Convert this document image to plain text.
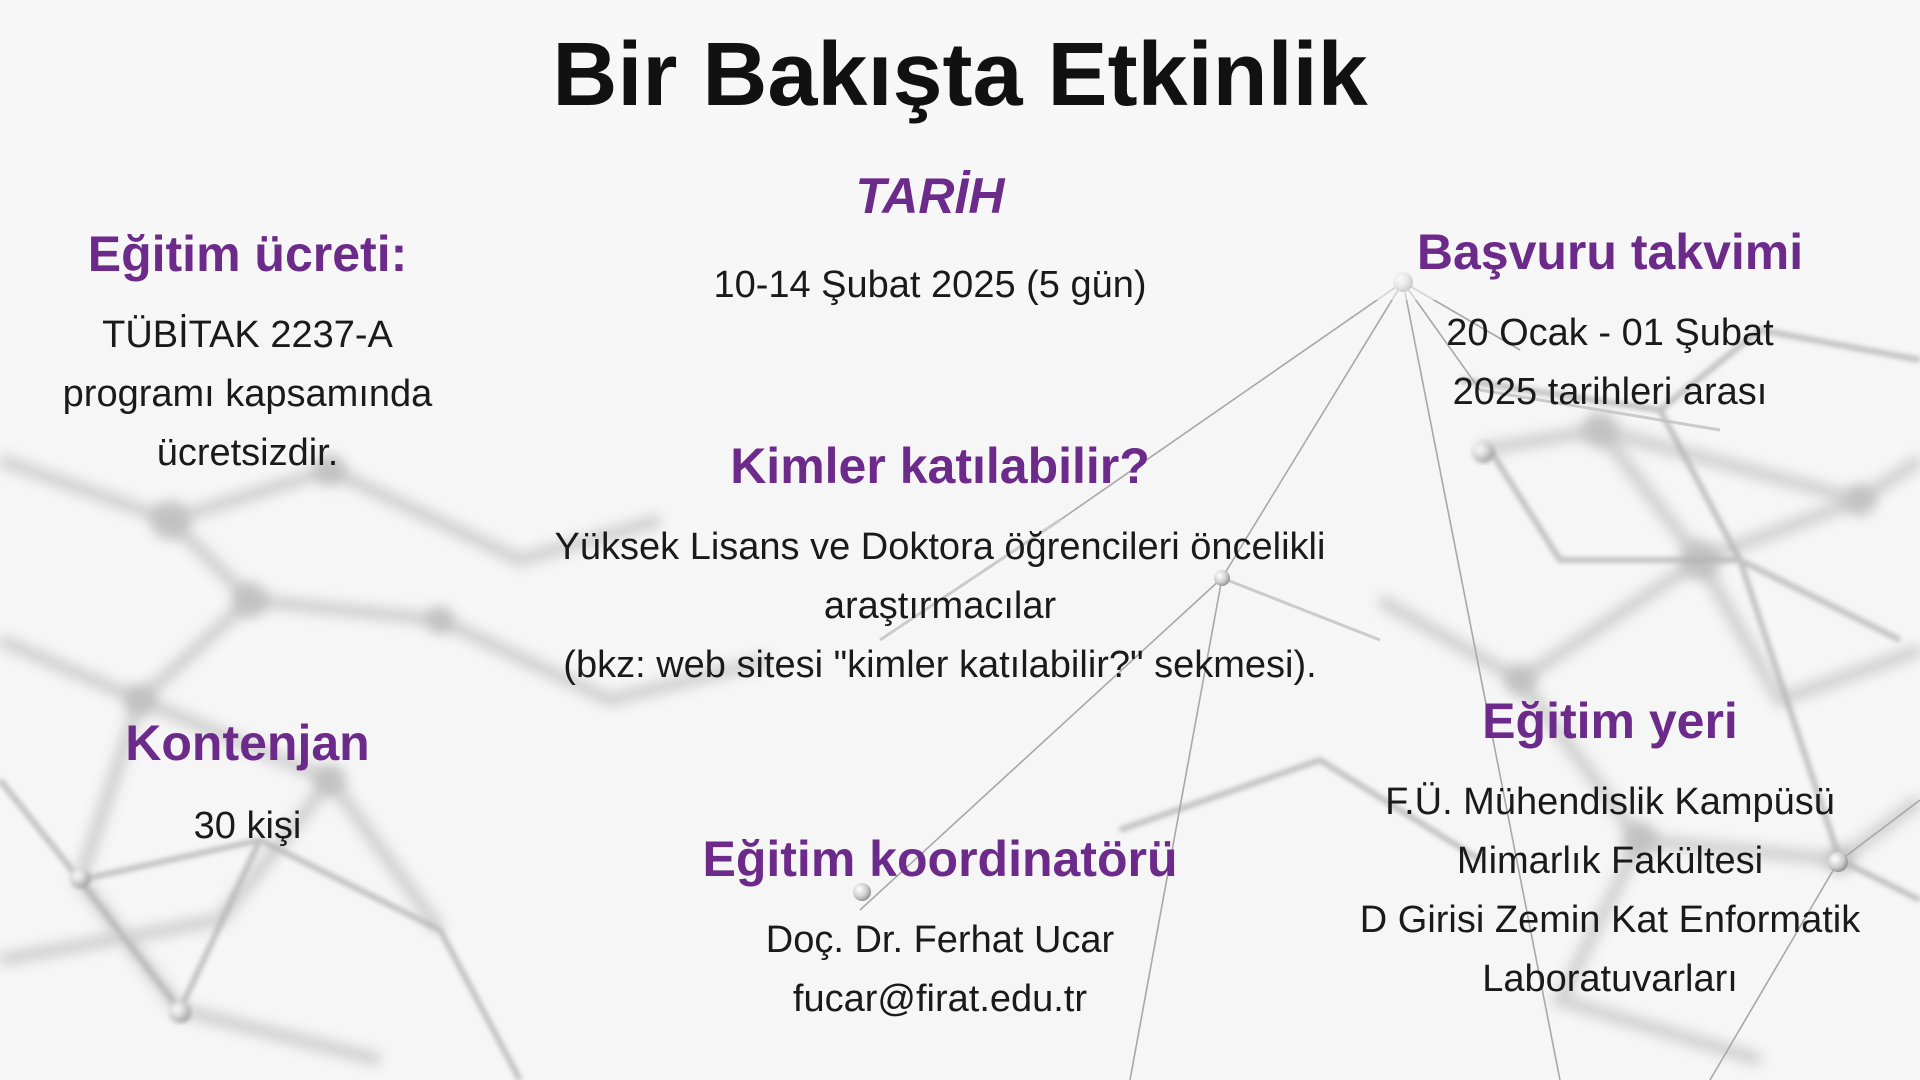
Bir Bakışta Etkinlik
Eğitim ücreti:
TÜBİTAK 2237-A
programı kapsamında
ücretsizdir.
Kontenjan
30 kişi
TARİH
10-14 Şubat 2025 (5 gün)
Kimler katılabilir?
Yüksek Lisans ve Doktora öğrencileri öncelikli
araştırmacılar
(bkz: web sitesi "kimler katılabilir?" sekmesi).
Eğitim koordinatörü
Doç. Dr. Ferhat Ucar
fucar@firat.edu.tr
Başvuru takvimi
20 Ocak - 01 Şubat
2025 tarihleri arası
Eğitim yeri
F.Ü. Mühendislik Kampüsü
Mimarlık Fakültesi
D Girisi Zemin Kat Enformatik
Laboratuvarları
